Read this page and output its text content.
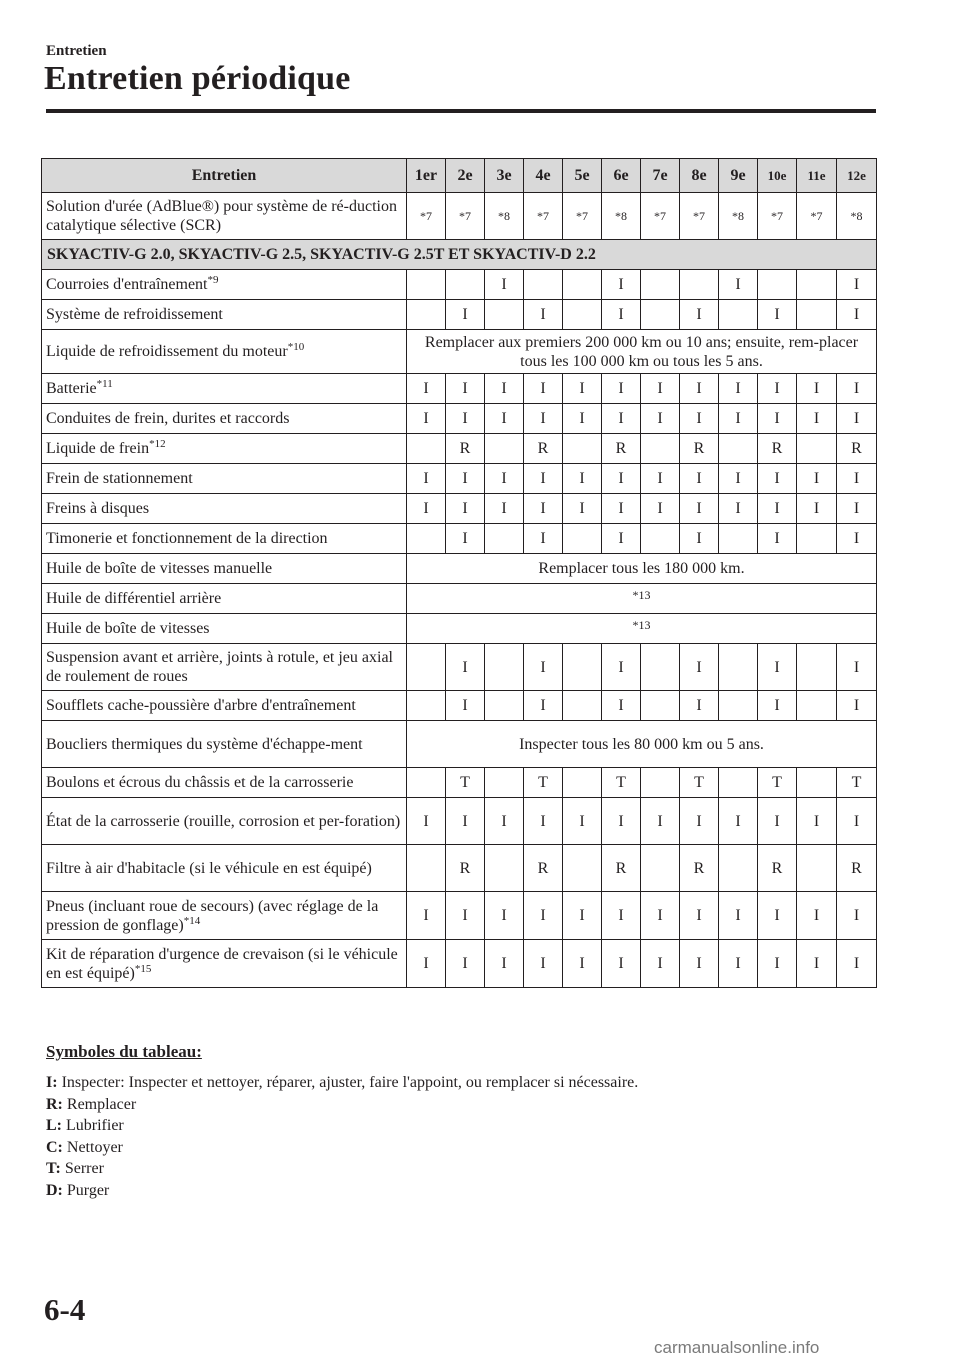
Entretien
Entretien périodique
Entretien	1er	2e	3e	4e	5e	6e	7e	8e	9e	10e	11e	12e
Solution d'urée (AdBlue®) pour système de ré-duction catalytique sélective (SCR)	*7	*7	*8	*7	*7	*8	*7	*7	*8	*7	*7	*8
SKYACTIV-G 2.0, SKYACTIV-G 2.5, SKYACTIV-G 2.5T ET SKYACTIV-D 2.2												
Courroies d'entraînement$^{*9}$			I			I			I			I
Système de refroidissement		I		I		I		I		I		I
Liquide de refroidissement du moteur$^{*10}$	Remplacer aux premiers 200 000 km ou 10 ans; ensuite, rem-placer tous les 100 000 km ou tous les 5 ans.											
Batterie$^{*11}$	I	I	I	I	I	I	I	I	I	I	I	I
Conduites de frein, durites et raccords	I	I	I	I	I	I	I	I	I	I	I	I
Liquide de frein$^{*12}$		R		R		R		R		R		R
Frein de stationnement	I	I	I	I	I	I	I	I	I	I	I	I
Freins à disques	I	I	I	I	I	I	I	I	I	I	I	I
Timonerie et fonctionnement de la direction		I		I		I		I		I		I
Huile de boîte de vitesses manuelle	Remplacer tous les 180 000 km.											
Huile de différentiel arrière	*13											
Huile de boîte de vitesses	*13											
Suspension avant et arrière, joints à rotule, et jeu axial de roulement de roues		I		I		I		I		I		I
Soufflets cache-poussière d'arbre d'entraînement		I		I		I		I		I		I
Boucliers thermiques du système d'échappe-ment	Inspecter tous les 80 000 km ou 5 ans.											
Boulons et écrous du châssis et de la carrosserie		T		T		T		T		T		T
État de la carrosserie (rouille, corrosion et per-foration)	I	I	I	I	I	I	I	I	I	I	I	I
Filtre à air d'habitacle (si le véhicule en est équipé)		R		R		R		R		R		R
Pneus (incluant roue de secours) (avec réglage de la pression de gonflage)$^{*14}$	I	I	I	I	I	I	I	I	I	I	I	I
Kit de réparation d'urgence de crevaison (si le véhicule en est équipé)$^{*15}$	I	I	I	I	I	I	I	I	I	I	I	I
Symboles du tableau:
I: Inspecter: Inspecter et nettoyer, réparer, ajuster, faire l'appoint, ou remplacer si nécessaire.
R: Remplacer
L: Lubrifier
C: Nettoyer
T: Serrer
D: Purger
6-4
carmanualsonline.info
